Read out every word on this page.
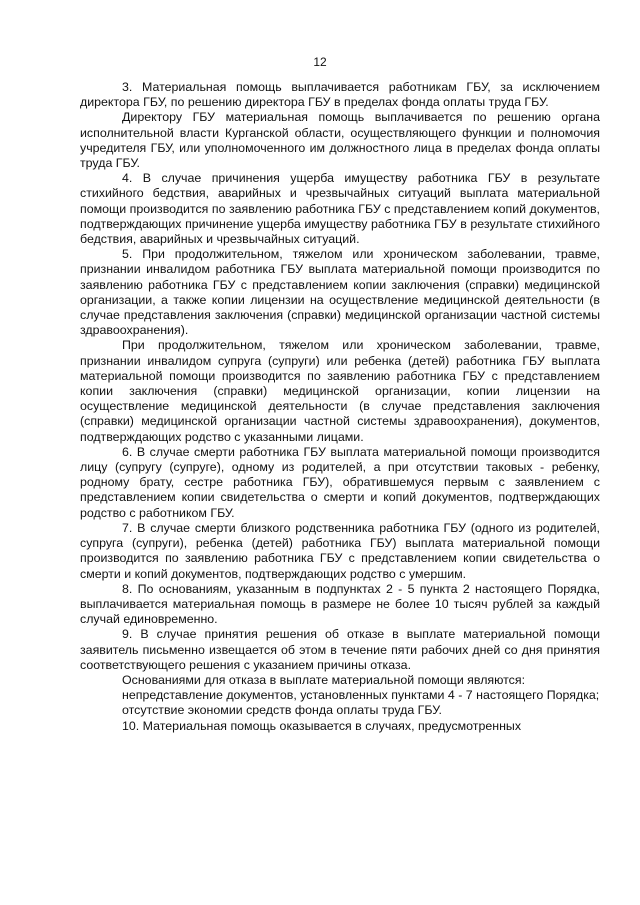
12

3. Материальная помощь выплачивается работникам ГБУ, за исключением директора ГБУ, по решению директора ГБУ в пределах фонда оплаты труда ГБУ.

Директору ГБУ материальная помощь выплачивается по решению органа исполнительной власти Курганской области, осуществляющего функции и полномочия учредителя ГБУ, или уполномоченного им должностного лица в пределах фонда оплаты труда ГБУ.

4. В случае причинения ущерба имуществу работника ГБУ в результате стихийного бедствия, аварийных и чрезвычайных ситуаций выплата материальной помощи производится по заявлению работника ГБУ с представлением копий документов, подтверждающих причинение ущерба имуществу работника ГБУ в результате стихийного бедствия, аварийных и чрезвычайных ситуаций.

5. При продолжительном, тяжелом или хроническом заболевании, травме, признании инвалидом работника ГБУ выплата материальной помощи производится по заявлению работника ГБУ с представлением копии заключения (справки) медицинской организации, а также копии лицензии на осуществление медицинской деятельности (в случае представления заключения (справки) медицинской организации частной системы здравоохранения).

При продолжительном, тяжелом или хроническом заболевании, травме, признании инвалидом супруга (супруги) или ребенка (детей) работника ГБУ выплата материальной помощи производится по заявлению работника ГБУ с представлением копии заключения (справки) медицинской организации, копии лицензии на осуществление медицинской деятельности (в случае представления заключения (справки) медицинской организации частной системы здравоохранения), документов, подтверждающих родство с указанными лицами.

6. В случае смерти работника ГБУ выплата материальной помощи производится лицу (супругу (супруге), одному из родителей, а при отсутствии таковых - ребенку, родному брату, сестре работника ГБУ), обратившемуся первым с заявлением с представлением копии свидетельства о смерти и копий документов, подтверждающих родство с работником ГБУ.

7. В случае смерти близкого родственника работника ГБУ (одного из родителей, супруга (супруги), ребенка (детей) работника ГБУ) выплата материальной помощи производится по заявлению работника ГБУ с представлением копии свидетельства о смерти и копий документов, подтверждающих родство с умершим.

8. По основаниям, указанным в подпунктах 2 - 5 пункта 2 настоящего Порядка, выплачивается материальная помощь в размере не более 10 тысяч рублей за каждый случай единовременно.

9. В случае принятия решения об отказе в выплате материальной помощи заявитель письменно извещается об этом в течение пяти рабочих дней со дня принятия соответствующего решения с указанием причины отказа.

Основаниями для отказа в выплате материальной помощи являются:

непредставление документов, установленных пунктами 4 - 7 настоящего Порядка;

отсутствие экономии средств фонда оплаты труда ГБУ.

10. Материальная помощь оказывается в случаях, предусмотренных
